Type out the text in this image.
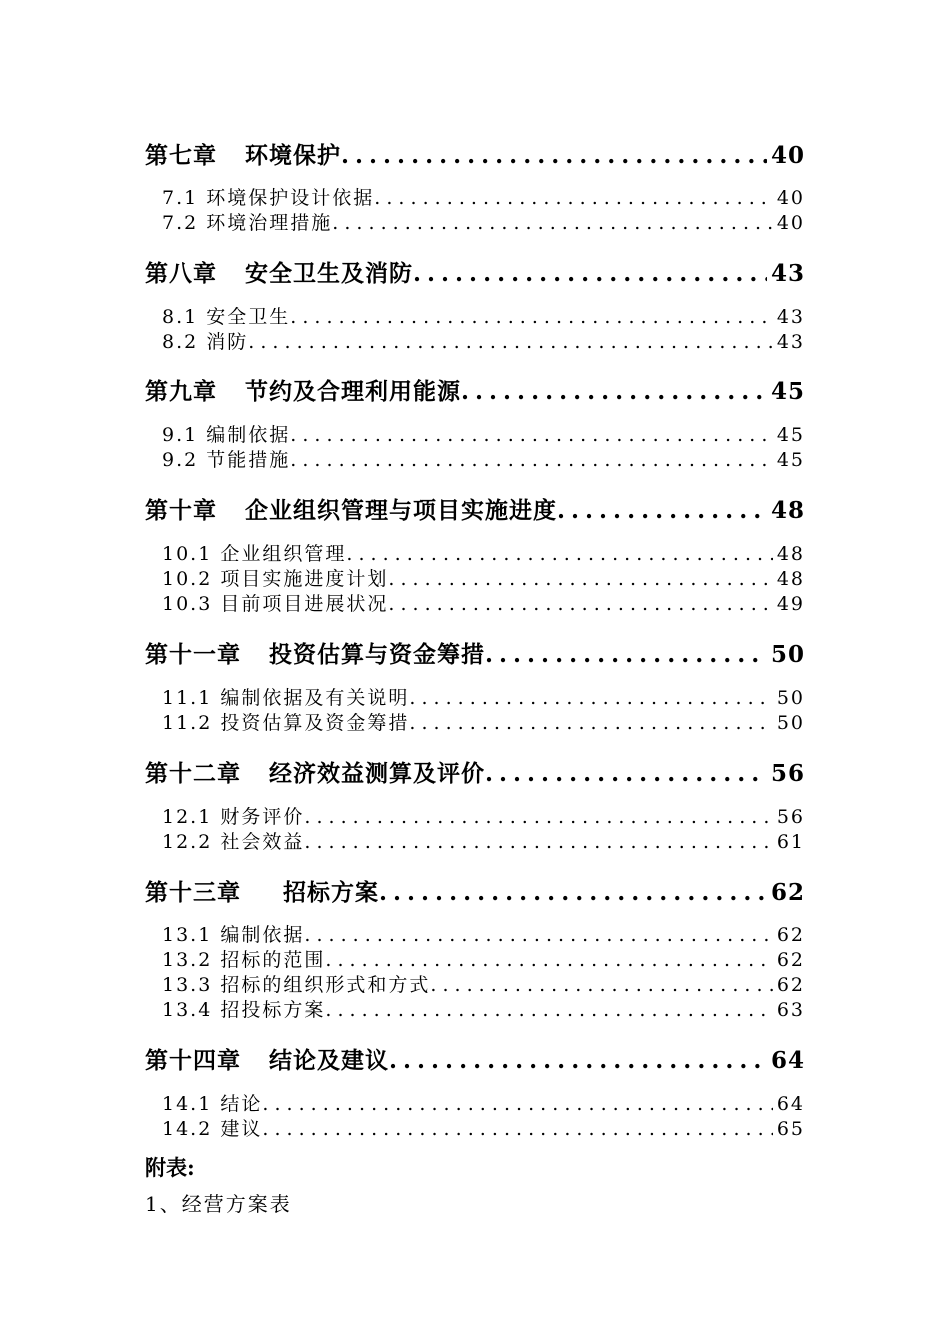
第七章	环境保护 . . .	40
7.1 环境保护设计依据 . . .	40
7.2 环境治理措施 . . .	40
第八章	安全卫生及消防 . . .	43
8.1 安全卫生 . . .	43
8.2 消防 . . .	43
第九章	节约及合理利用能源 . . .	45
9.1 编制依据 . . .	45
9.2 节能措施 . . .	45
第十章	企业组织管理与项目实施进度 . . .	48
10.1 企业组织管理 . . .	48
10.2 项目实施进度计划 . . .	48
10.3 目前项目进展状况 . . .	49
第十一章	投资估算与资金筹措 . . .	50
11.1 编制依据及有关说明 . . .	50
11.2 投资估算及资金筹措 . . .	50
第十二章	经济效益测算及评价 . . .	56
12.1 财务评价 . . .	56
12.2 社会效益 . . .	61
第十三章	招标方案 . . .	62
13.1 编制依据 . . .	62
13.2 招标的范围 . . .	62
13.3 招标的组织形式和方式 . . .	62
13.4 招投标方案 . . .	63
第十四章	结论及建议 . . .	64
14.1 结论 . . .	64
14.2 建议 . . .	65
附表:
1、经营方案表
